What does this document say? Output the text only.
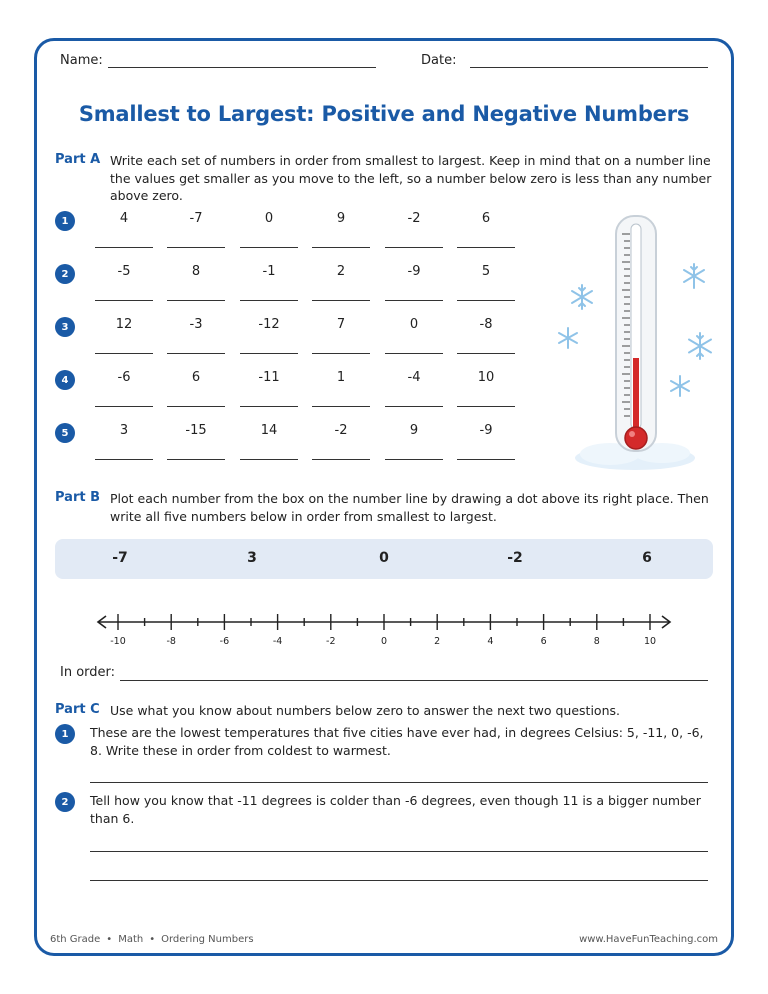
Name:	Date:
Smallest to Largest: Positive and Negative Numbers
Part A Write each set of numbers in order from smallest to largest. Keep in mind that on a number line the values get smaller as you move to the left, so a number below zero is less than any number above zero.
1	4	-7	0	9	-2	6
2	-5	8	-1	2	-9	5
3	12	-3	-12	7	0	-8
4	-6	6	-11	1	-4	10
5	3	-15	14	-2	9	-9
Part B Plot each number from the box on the number line by drawing a dot above its right place. Then write all five numbers below in order from smallest to largest.
-7	3	0	-2	6
-10	-8	-6	-4	-2	0	2	4	6	8	10
In order:
Part C Use what you know about numbers below zero to answer the next two questions.
1	These are the lowest temperatures that five cities have ever had, in degrees Celsius: 5, -11, 0, -6, 8. Write these in order from coldest to warmest.
2	Tell how you know that -11 degrees is colder than -6 degrees, even though 11 is a bigger number than 6.
6th Grade • Math • Ordering Numbers	www.HaveFunTeaching.com
